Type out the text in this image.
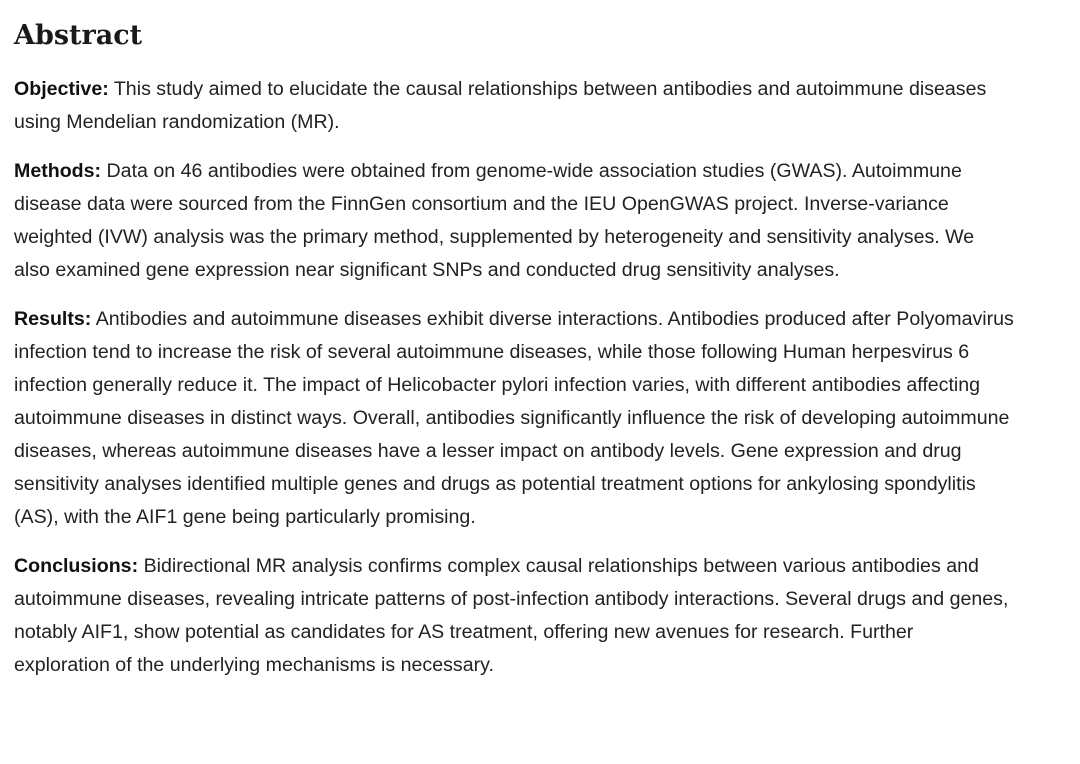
Abstract

Objective: This study aimed to elucidate the causal relationships between antibodies and autoimmune diseases using Mendelian randomization (MR).

Methods: Data on 46 antibodies were obtained from genome-wide association studies (GWAS). Autoimmune disease data were sourced from the FinnGen consortium and the IEU OpenGWAS project. Inverse-variance weighted (IVW) analysis was the primary method, supplemented by heterogeneity and sensitivity analyses. We also examined gene expression near significant SNPs and conducted drug sensitivity analyses.

Results: Antibodies and autoimmune diseases exhibit diverse interactions. Antibodies produced after Polyomavirus infection tend to increase the risk of several autoimmune diseases, while those following Human herpesvirus 6 infection generally reduce it. The impact of Helicobacter pylori infection varies, with different antibodies affecting autoimmune diseases in distinct ways. Overall, antibodies significantly influence the risk of developing autoimmune diseases, whereas autoimmune diseases have a lesser impact on antibody levels. Gene expression and drug sensitivity analyses identified multiple genes and drugs as potential treatment options for ankylosing spondylitis (AS), with the AIF1 gene being particularly promising.

Conclusions: Bidirectional MR analysis confirms complex causal relationships between various antibodies and autoimmune diseases, revealing intricate patterns of post-infection antibody interactions. Several drugs and genes, notably AIF1, show potential as candidates for AS treatment, offering new avenues for research. Further exploration of the underlying mechanisms is necessary.
